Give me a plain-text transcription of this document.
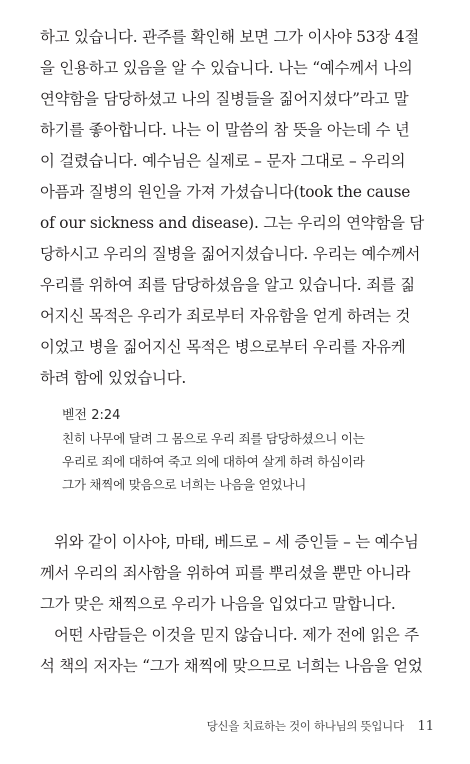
하고 있습니다. 관주를 확인해 보면 그가 이사야 53장 4절
을 인용하고 있음을 알 수 있습니다. 나는 “예수께서 나의
연약함을 담당하셨고 나의 질병들을 짊어지셨다”라고 말
하기를 좋아합니다. 나는 이 말씀의 참 뜻을 아는데 수 년
이 걸렸습니다. 예수님은 실제로 – 문자 그대로 – 우리의
아픔과 질병의 원인을 가져 가셨습니다(took the cause
of our sickness and disease). 그는 우리의 연약함을 담
당하시고 우리의 질병을 짊어지셨습니다. 우리는 예수께서
우리를 위하여 죄를 담당하셨음을 알고 있습니다. 죄를 짊
어지신 목적은 우리가 죄로부터 자유함을 얻게 하려는 것
이었고 병을 짊어지신 목적은 병으로부터 우리를 자유케
하려 함에 있었습니다.
벧전 2:24
친히 나무에 달려 그 몸으로 우리 죄를 담당하셨으니 이는
우리로 죄에 대하여 죽고 의에 대하여 살게 하려 하심이라
그가 채찍에 맞음으로 너희는 나음을 얻었나니
위와 같이 이사야, 마태, 베드로 – 세 증인들 – 는 예수님
께서 우리의 죄사함을 위하여 피를 뿌리셨을 뿐만 아니라
그가 맞은 채찍으로 우리가 나음을 입었다고 말합니다.
어떤 사람들은 이것을 믿지 않습니다. 제가 전에 읽은 주
석 책의 저자는 “그가 채찍에 맞으므로 너희는 나음을 얻었
당신을 치료하는 것이 하나님의 뜻입니다 11
